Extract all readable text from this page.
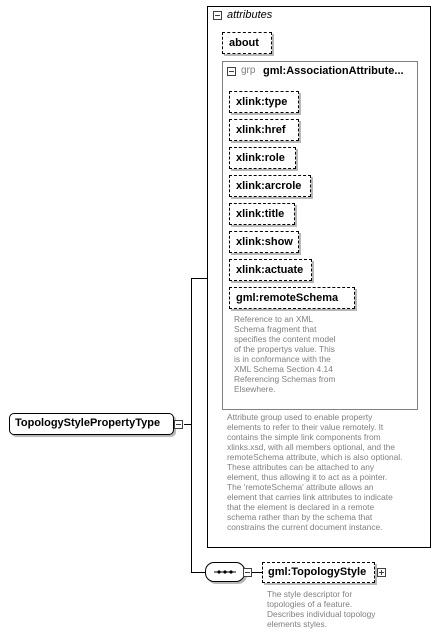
TopologyStylePropertyType
attributes
about
grp gml:AssociationAttribute...
xlink:type
xlink:href
xlink:role
xlink:arcrole
xlink:title
xlink:show
xlink:actuate
gml:remoteSchema
Reference to an XML
Schema fragment that
specifies the content model
of the propertys value. This
is in conformance with the
XML Schema Section 4.14
Referencing Schemas from
Elsewhere.
Attribute group used to enable property
elements to refer to their value remotely. It
contains the simple link components from
xlinks.xsd, with all members optional, and the
remoteSchema attribute, which is also optional.
These attributes can be attached to any
element, thus allowing it to act as a pointer.
The 'remoteSchema' attribute allows an
element that carries link attributes to indicate
that the element is declared in a remote
schema rather than by the schema that
constrains the current document instance.
gml:TopologyStyle
The style descriptor for
topologies of a feature.
Describes individual topology
elements styles.
